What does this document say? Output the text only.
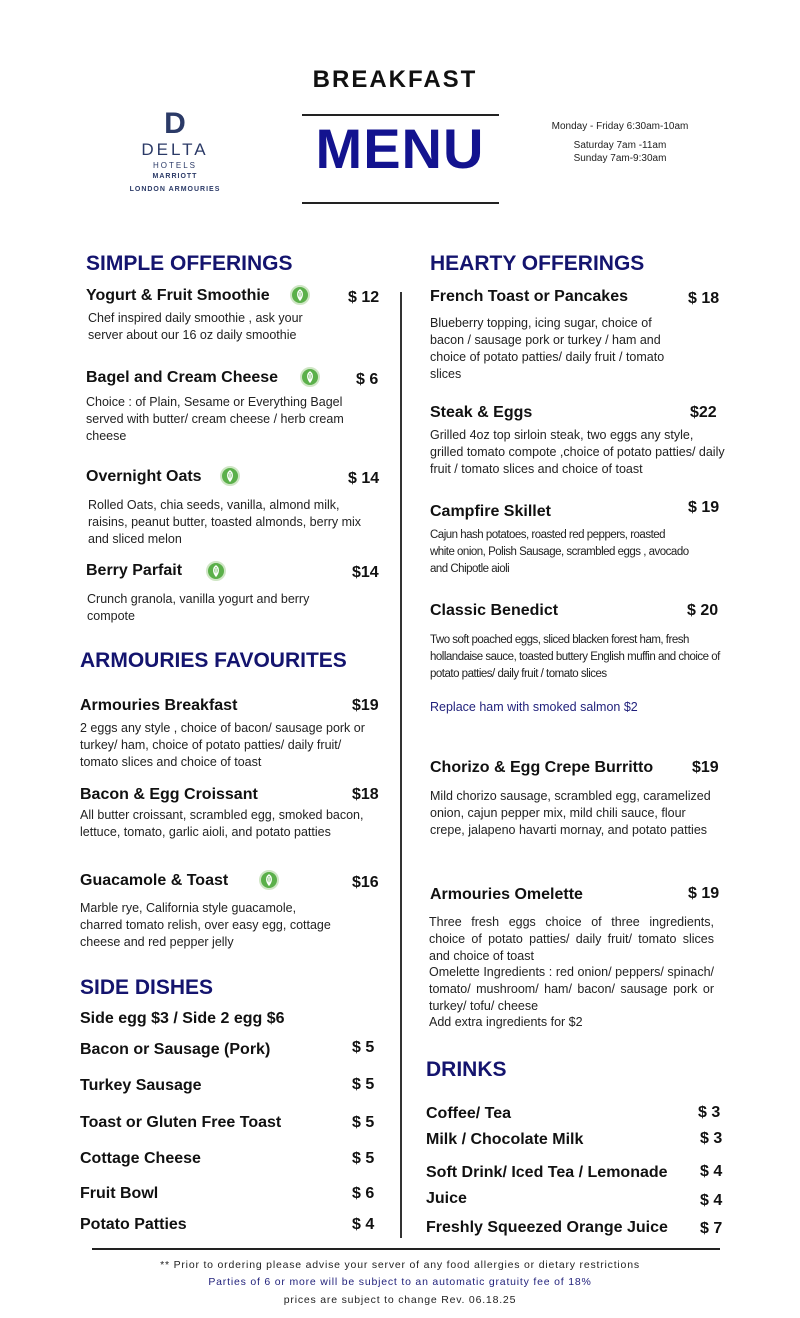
BREAKFAST
MENU
D
DELTA
HOTELS
MARRIOTT
LONDON ARMOURIES
Monday - Friday 6:30am-10am
Saturday 7am -11am
Sunday 7am-9:30am
SIMPLE OFFERINGS
Yogurt & Fruit Smoothie	$ 12
Chef inspired daily smoothie , ask your server about our 16 oz daily smoothie
Bagel and Cream Cheese	$ 6
Choice : of Plain, Sesame or Everything Bagel served with butter/ cream cheese / herb cream cheese
Overnight Oats	$ 14
Rolled Oats, chia seeds, vanilla, almond milk, raisins, peanut butter, toasted almonds, berry mix and sliced melon
Berry Parfait	$14
Crunch granola, vanilla yogurt and berry compote
ARMOURIES FAVOURITES
Armouries Breakfast	$19
2 eggs any style , choice of bacon/ sausage pork or turkey/ ham, choice of potato patties/ daily fruit/ tomato slices and choice of toast
Bacon & Egg Croissant	$18
All butter croissant, scrambled egg, smoked bacon, lettuce, tomato, garlic aioli, and potato patties
Guacamole & Toast	$16
Marble rye, California style guacamole, charred tomato relish, over easy egg, cottage cheese and red pepper jelly
SIDE DISHES
Side egg $3 / Side 2 egg $6
Bacon or Sausage (Pork)	$ 5
Turkey Sausage	$ 5
Toast or Gluten Free Toast	$ 5
Cottage Cheese	$ 5
Fruit Bowl	$ 6
Potato Patties	$ 4
HEARTY OFFERINGS
French Toast or Pancakes	$ 18
Blueberry topping, icing sugar, choice of bacon / sausage pork or turkey / ham and choice of potato patties/ daily fruit / tomato slices
Steak & Eggs	$22
Grilled 4oz top sirloin steak, two eggs any style, grilled tomato compote ,choice of potato patties/ daily fruit / tomato slices and choice of toast
Campfire Skillet	$ 19
Cajun hash potatoes, roasted red peppers, roasted white onion, Polish Sausage, scrambled eggs , avocado and Chipotle aioli
Classic Benedict	$ 20
Two soft poached eggs, sliced blacken forest ham, fresh hollandaise sauce, toasted buttery English muffin and choice of potato patties/ daily fruit / tomato slices
Replace ham with smoked salmon $2
Chorizo & Egg Crepe Burritto $19
Mild chorizo sausage, scrambled egg, caramelized onion, cajun pepper mix, mild chili sauce, flour crepe, jalapeno havarti mornay, and potato patties
Armouries Omelette	$ 19
Three fresh eggs choice of three ingredients, choice of potato patties/ daily fruit/ tomato slices and choice of toast
Omelette Ingredients : red onion/ peppers/ spinach/ tomato/ mushroom/ ham/ bacon/ sausage pork or turkey/ tofu/ cheese
Add extra ingredients for $2
DRINKS
Coffee/ Tea	$ 3
Milk / Chocolate Milk	$ 3
Soft Drink/ Iced Tea / Lemonade $ 4
Juice	$ 4
Freshly Squeezed Orange Juice $ 7
** Prior to ordering please advise your server of any food allergies or dietary restrictions
Parties of 6 or more will be subject to an automatic gratuity fee of 18%
prices are subject to change Rev. 06.18.25
